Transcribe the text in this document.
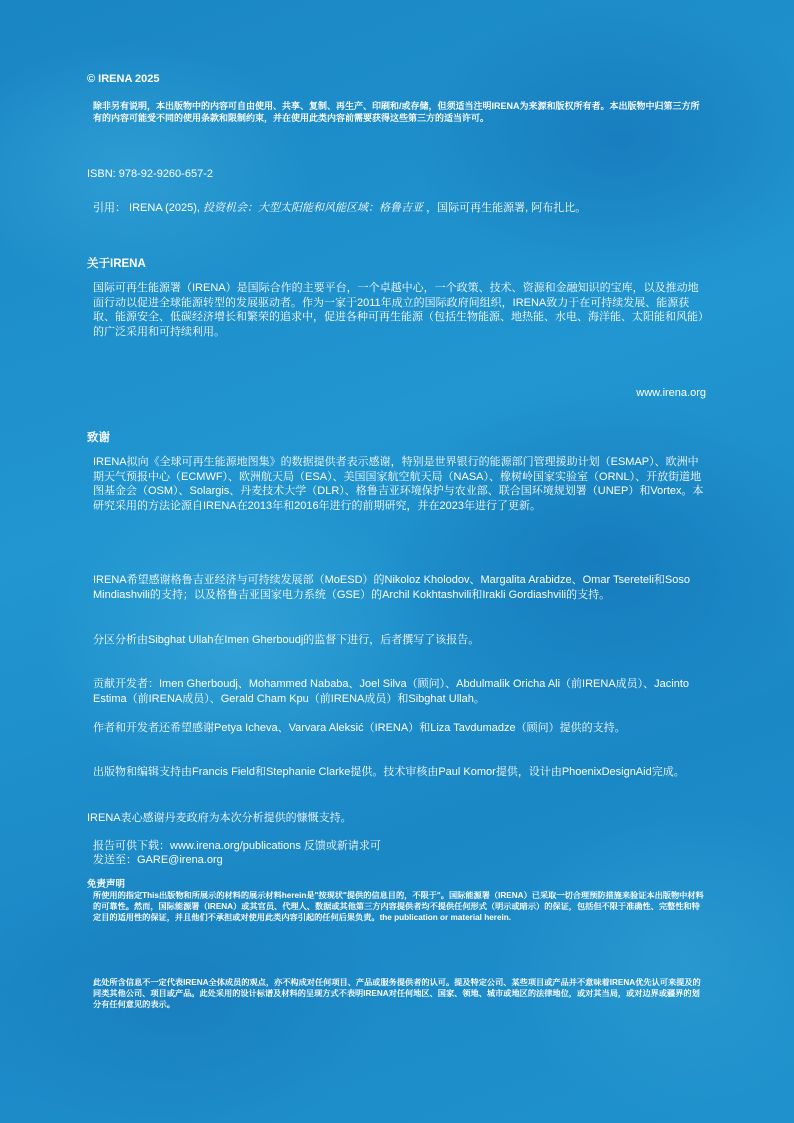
© IRENA 2025
除非另有说明，本出版物中的内容可自由使用、共享、复制、再生产、印刷和/或存储，但须适当注明IRENA为来源和版权所有者。本出版物中归第三方所有的内容可能受不同的使用条款和限制约束，并在使用此类内容前需要获得这些第三方的适当许可。
ISBN: 978-92-9260-657-2
引用： IRENA (2025), 投资机会：大型太阳能和风能区域：格鲁吉亚 ，国际可再生能源署, 阿布扎比。
关于IRENA
国际可再生能源署（IRENA）是国际合作的主要平台，一个卓越中心，一个政策、技术、资源和金融知识的宝库，以及推动地面行动以促进全球能源转型的发展驱动者。作为一家于2011年成立的国际政府间组织，IRENA致力于在可持续发展、能源获取、能源安全、低碳经济增长和繁荣的追求中，促进各种可再生能源（包括生物能源、地热能、水电、海洋能、太阳能和风能）的广泛采用和可持续利用。
www.irena.org
致谢
IRENA拟向《全球可再生能源地图集》的数据提供者表示感谢，特别是世界银行的能源部门管理援助计划（ESMAP）、欧洲中期天气预报中心（ECMWF）、欧洲航天局（ESA）、美国国家航空航天局（NASA）、橡树岭国家实验室（ORNL）、开放街道地图基金会（OSM）、Solargis、丹麦技术大学（DLR）、格鲁吉亚环境保护与农业部、联合国环境规划署（UNEP）和Vortex。本研究采用的方法论源自IRENA在2013年和2016年进行的前期研究，并在2023年进行了更新。
IRENA希望感谢格鲁吉亚经济与可持续发展部（MoESD）的Nikoloz Kholodov、Margalita Arabidze、Omar Tsereteli和Soso Mindiashvili的支持；以及格鲁吉亚国家电力系统（GSE）的Archil Kokhtashvili和Irakli Gordiashvili的支持。
分区分析由Sibghat Ullah在Imen Gherboudj的监督下进行，后者撰写了该报告。
贡献开发者：Imen Gherboudj、Mohammed Nababa、Joel Silva（顾问）、Abdulmalik Oricha Ali（前IRENA成员）、Jacinto Estima（前IRENA成员）、Gerald Cham Kpu（前IRENA成员）和Sibghat Ullah。
作者和开发者还希望感谢Petya Icheva、Varvara Aleksić（IRENA）和Liza Tavdumadze（顾问）提供的支持。
出版物和编辑支持由Francis Field和Stephanie Clarke提供。技术审核由Paul Komor提供，设计由PhoenixDesignAid完成。
IRENA衷心感谢丹麦政府为本次分析提供的慷慨支持。
报告可供下载：www.irena.org/publications 反馈或新请求可
发送至：GARE@irena.org
免责声明
所使用的指定This出版物和所展示的材料的展示材料herein是"按现状"提供的信息目的，不限于"。国际能源署（IRENA）已采取一切合理预防措施来验证本出版物中材料的可靠性。然而，国际能源署（IRENA）或其官员、代理人、数据或其他第三方内容提供者均不提供任何形式（明示或暗示）的保证，包括但不限于准确性、完整性和特定目的适用性的保证，并且他们不承担或对使用此类内容引起的任何后果负责。the publication or material herein.
此处所含信息不一定代表IRENA全体成员的观点，亦不构成对任何项目、产品或服务提供者的认可。提及特定公司、某些项目或产品并不意味着IRENA优先认可来提及的同类其他公司、项目或产品。此处采用的设计标谱及材料的呈现方式不表明IRENA对任何地区、国家、领地、城市或地区的法律地位，或对其当局，或对边界或疆界的划分有任何意见的表示。
